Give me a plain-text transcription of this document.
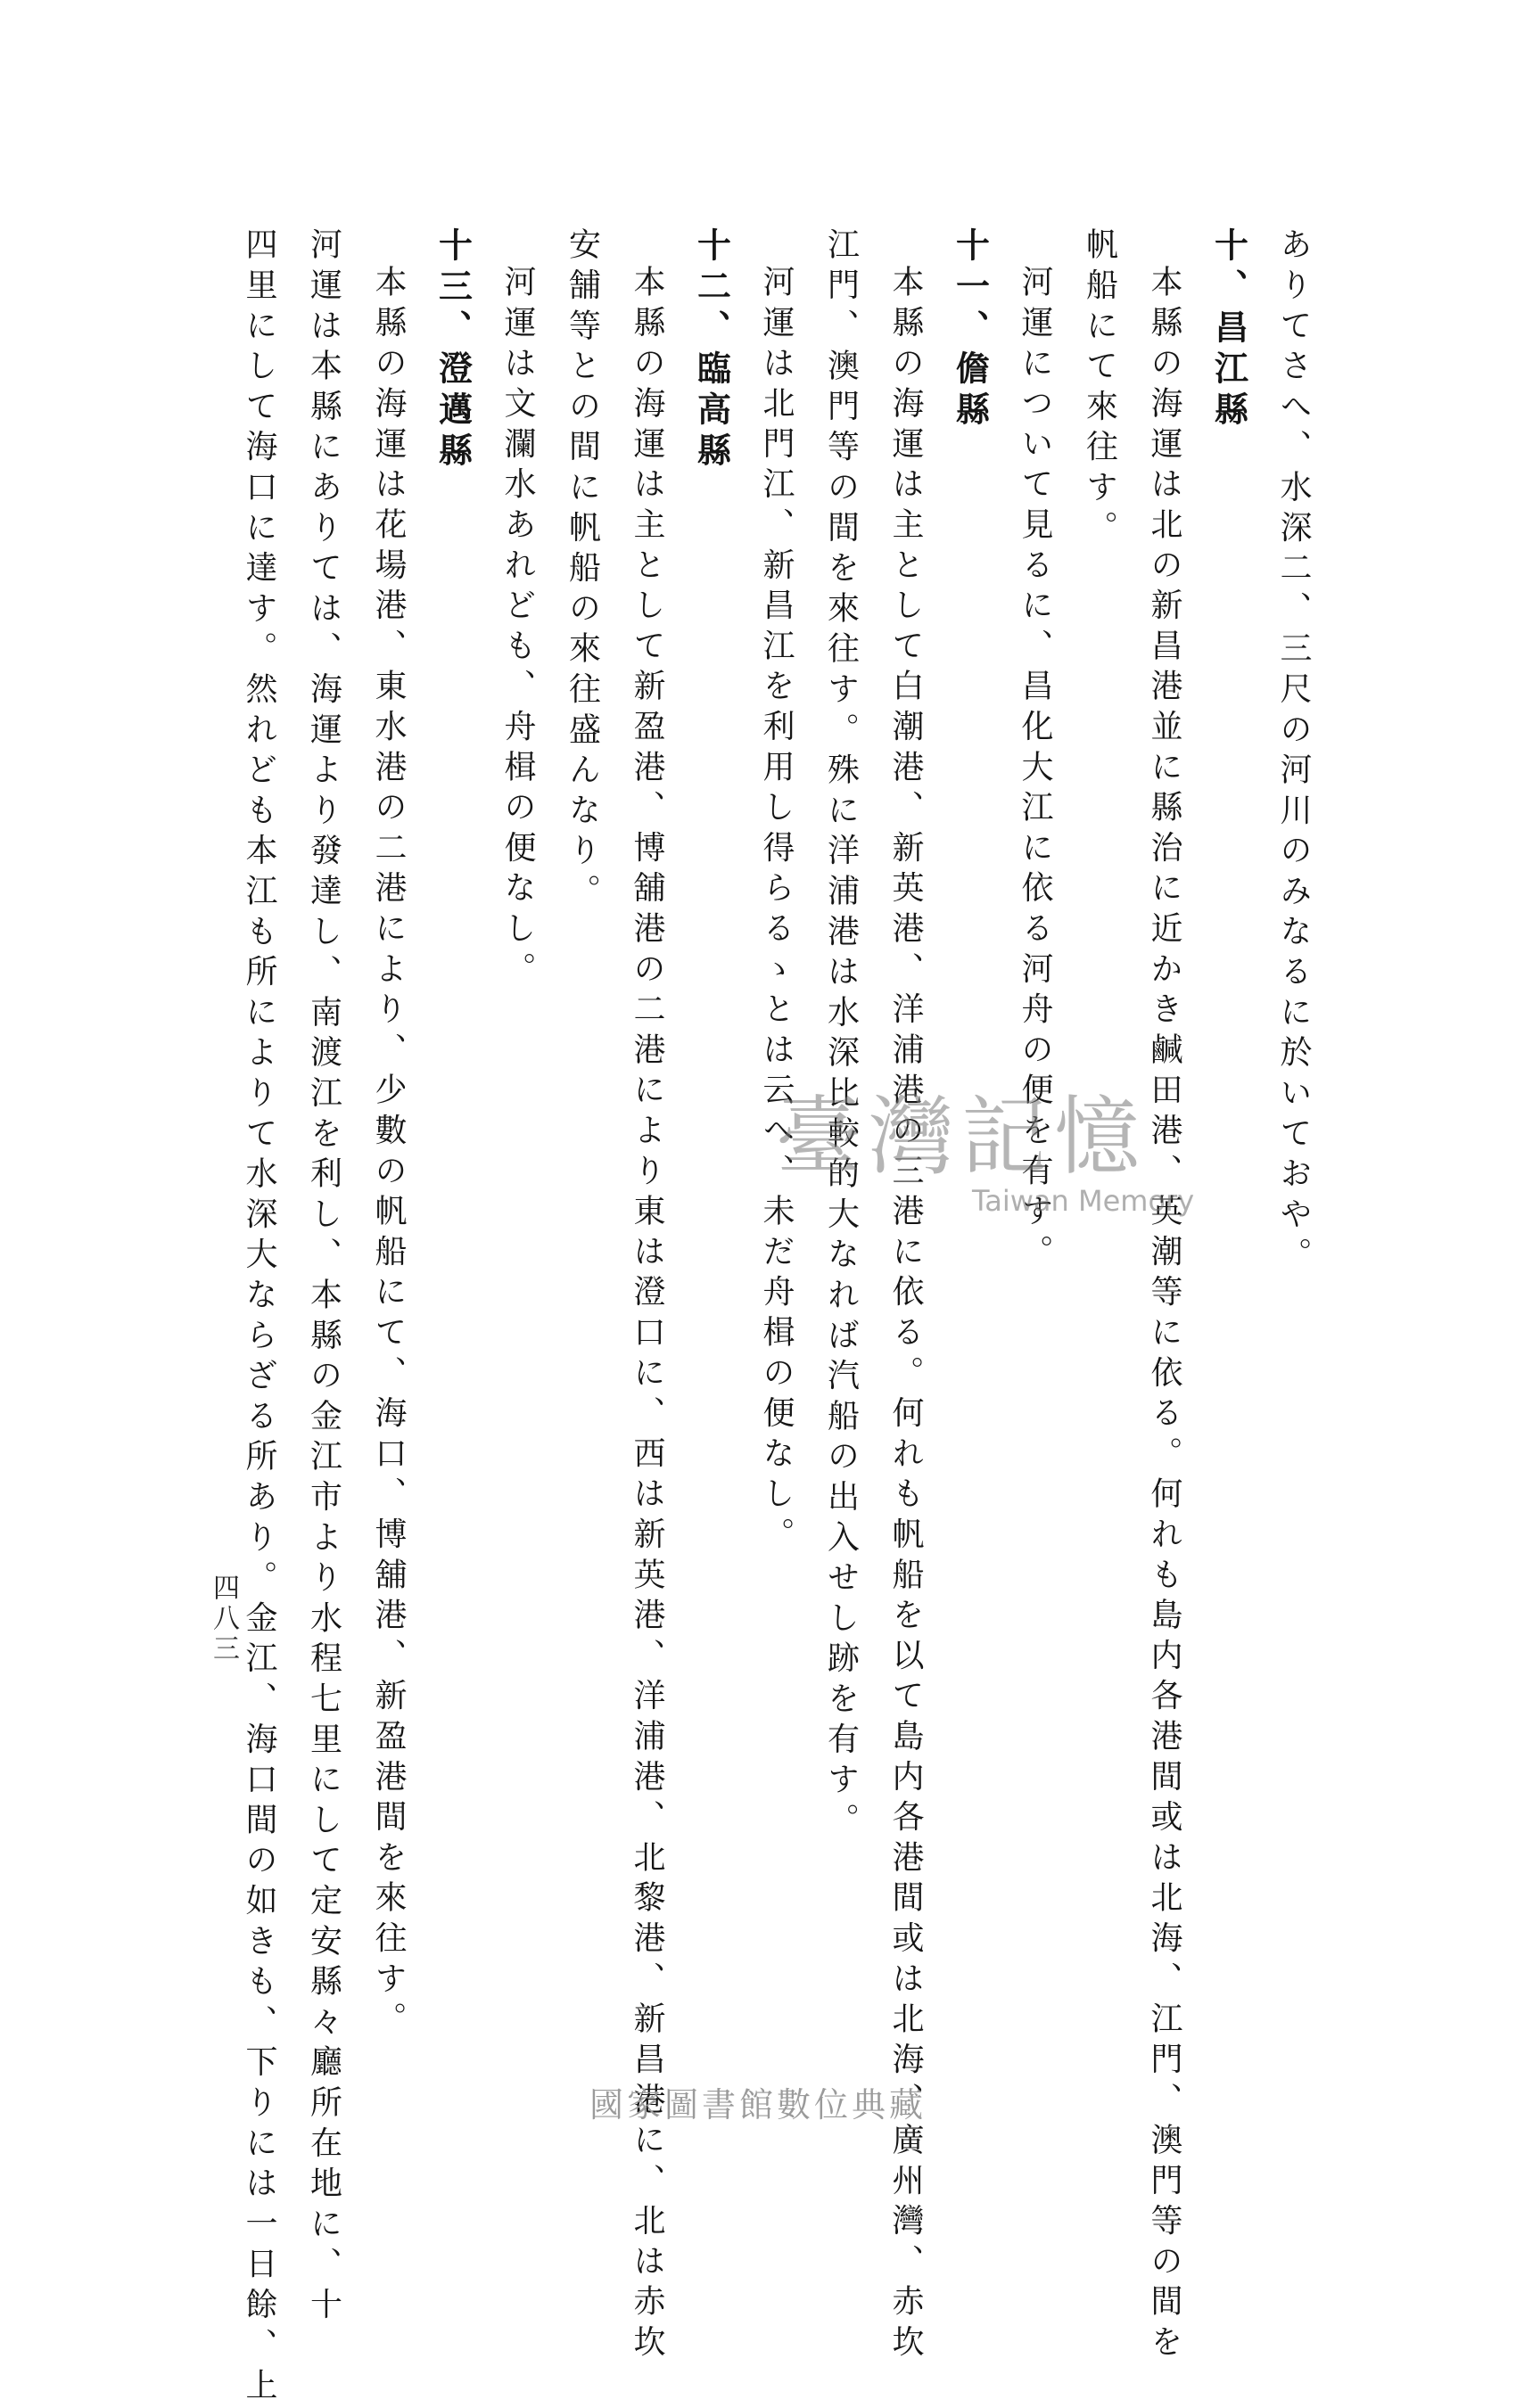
ありてさへ、水深二、三尺の河川のみなるに於いておや。
十、昌江縣
本縣の海運は北の新昌港並に縣治に近かき鹹田港、英潮等に依る。何れも島内各港間或は北海、江門、澳門等の間を
帆船にて來往す。
河運について見るに、昌化大江に依る河舟の便を有す。
十一、儋縣
本縣の海運は主として白潮港、新英港、洋浦港の三港に依る。何れも帆船を以て島内各港間或は北海、廣州灣、赤坎
江門、澳門等の間を來往す。殊に洋浦港は水深比較的大なれば汽船の出入せし跡を有す。
河運は北門江、新昌江を利用し得らるゝとは云へ、未だ舟楫の便なし。
十二、臨高縣
本縣の海運は主として新盈港、博舖港の二港により東は澄口に、西は新英港、洋浦港、北黎港、新昌港に、北は赤坎
安舗等との間に帆船の來往盛んなり。
河運は文瀾水あれども、舟楫の便なし。
十三、澄邁縣
本縣の海運は花場港、東水港の二港により、少數の帆船にて、海口、博舖港、新盈港間を來往す。
河運は本縣にありては、海運より發達し、南渡江を利し、本縣の金江市より水程七里にして定安縣々廳所在地に、十
四里にして海口に達す。然れども本江も所によりて水深大ならざる所あり。金江、海口間の如きも、下りには一日餘、上
四八三
臺灣記憶
Taiwan Memory
國家圖書館數位典藏
